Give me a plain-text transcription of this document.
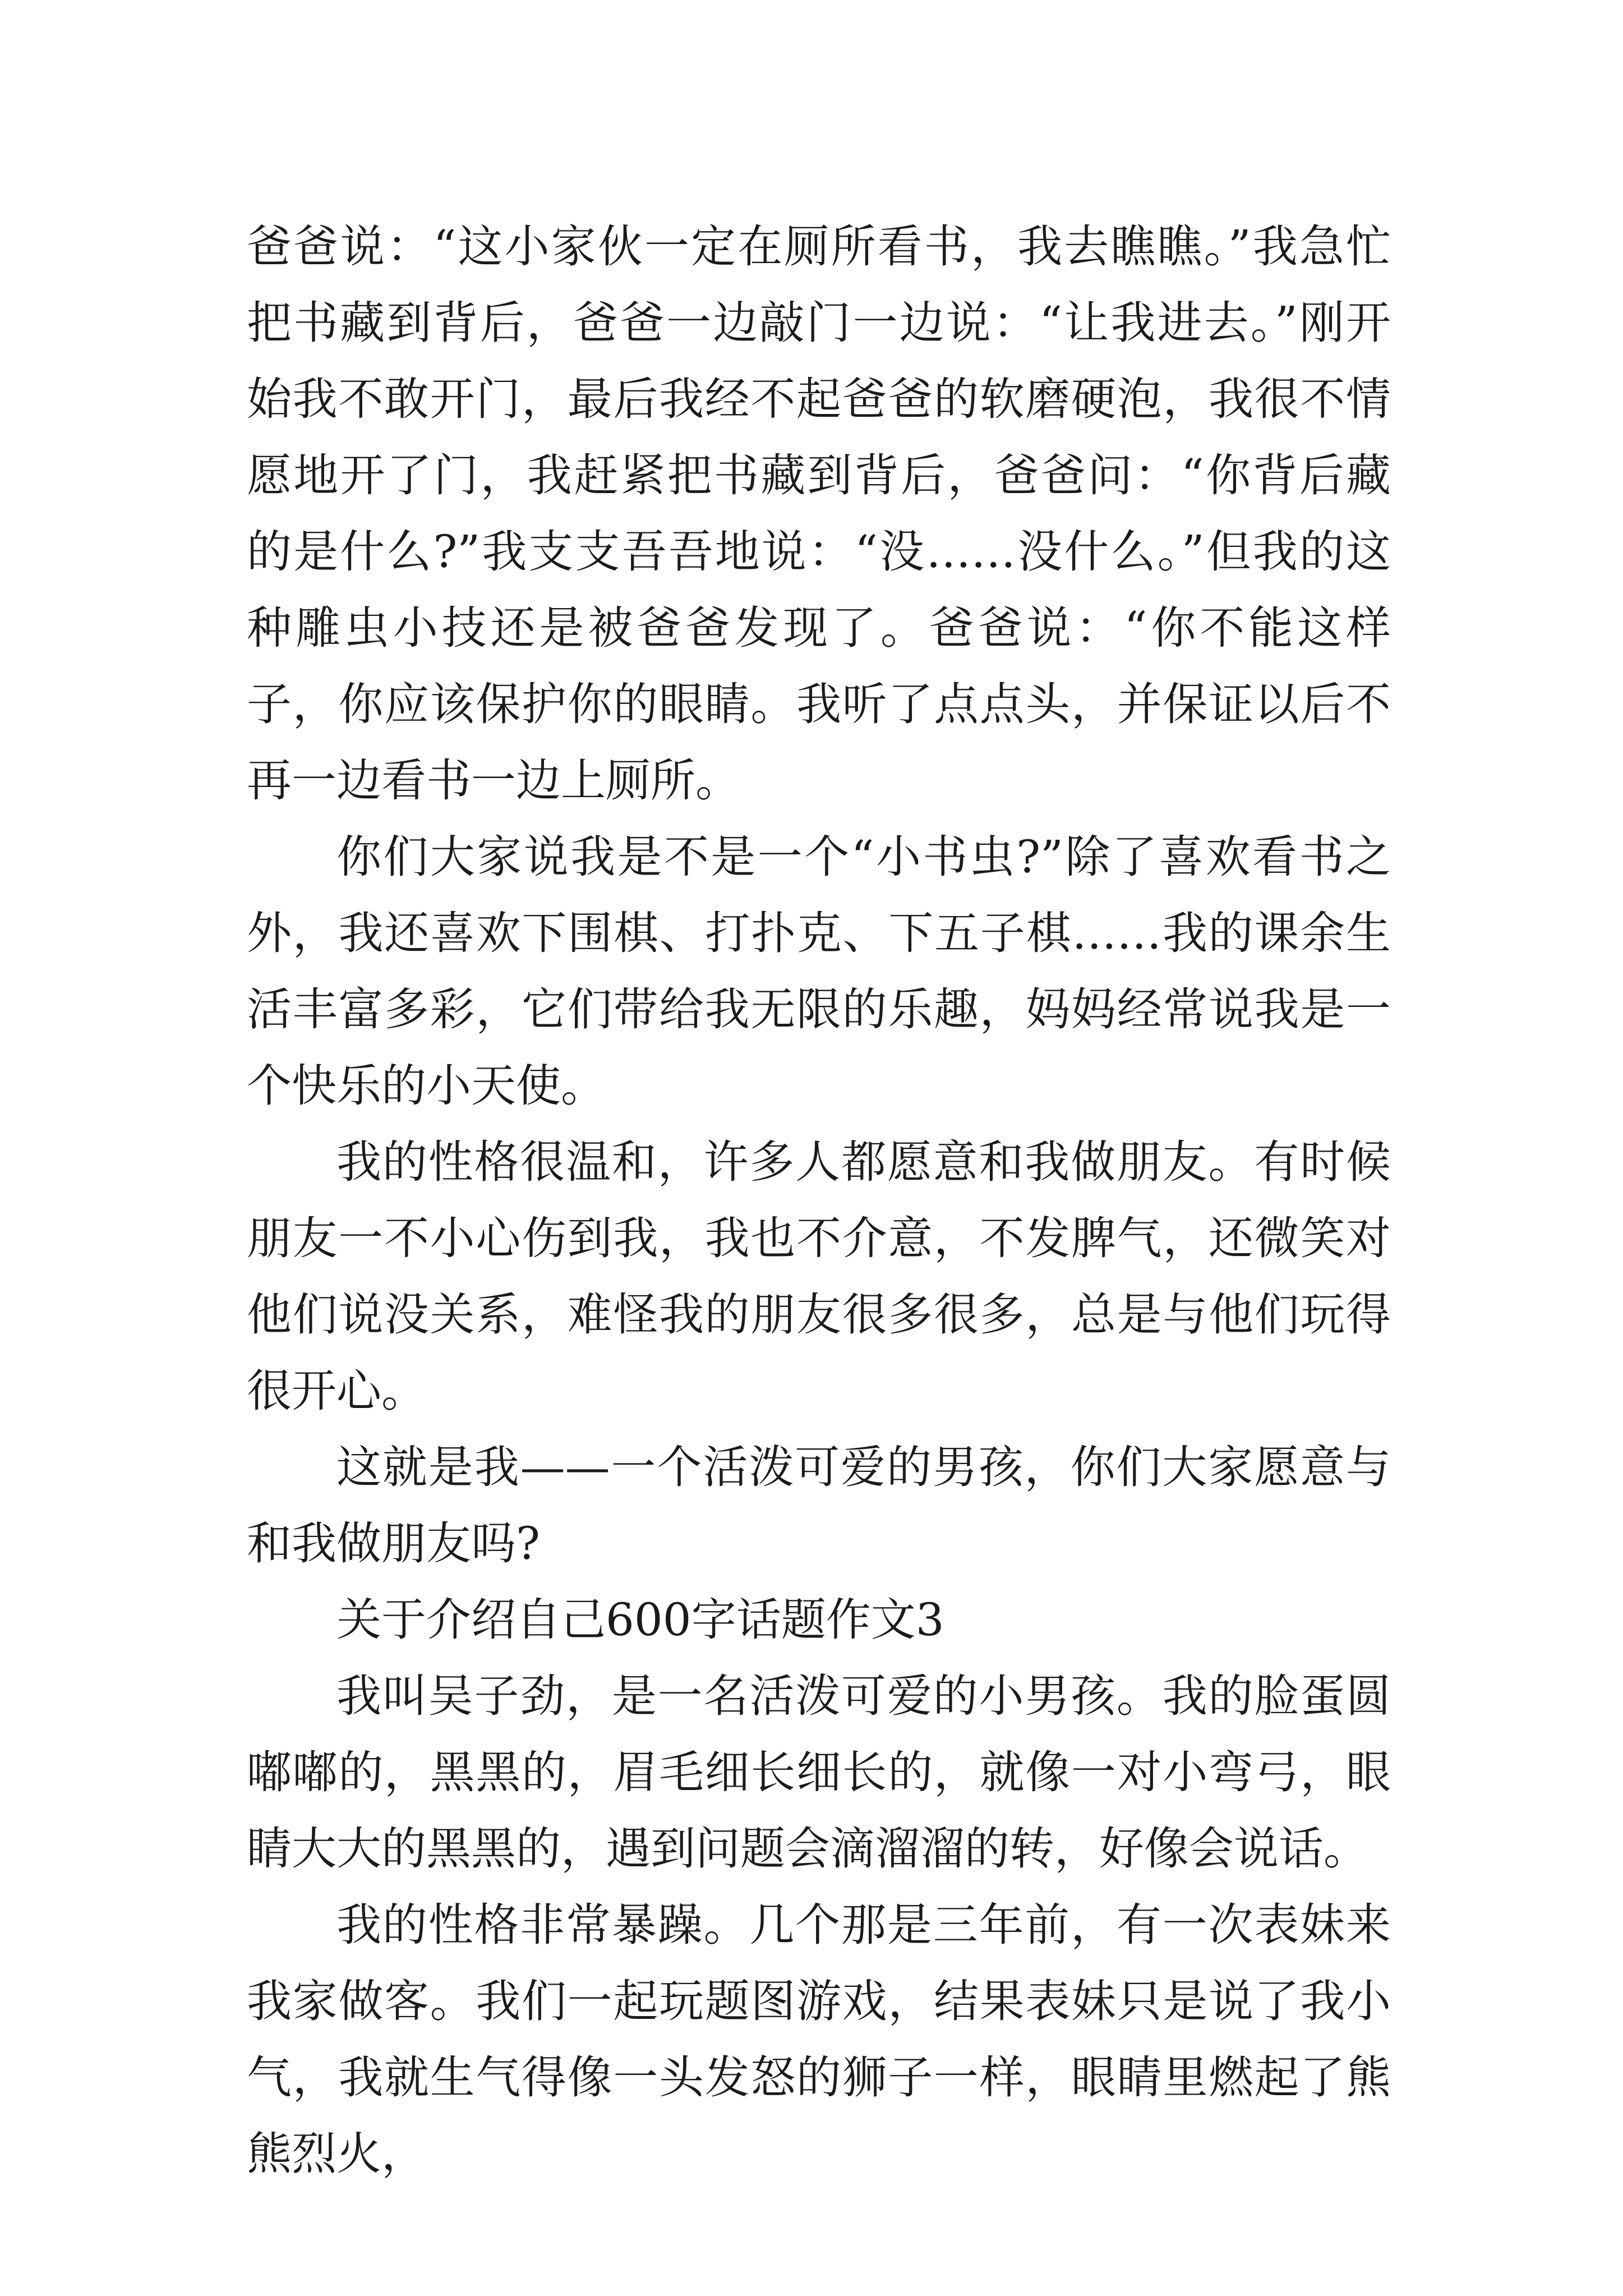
爸爸说：“这小家伙一定在厕所看书，我去瞧瞧。”我急忙把书藏到背后，爸爸一边敲门一边说：“让我进去。”刚开始我不敢开门，最后我经不起爸爸的软磨硬泡，我很不情愿地开了门，我赶紧把书藏到背后，爸爸问：“你背后藏的是什么?”我支支吾吾地说：“没……没什么。”但我的这种雕虫小技还是被爸爸发现了。爸爸说：“你不能这样子，你应该保护你的眼睛。我听了点点头，并保证以后不再一边看书一边上厕所。

你们大家说我是不是一个“小书虫?”除了喜欢看书之外，我还喜欢下围棋、打扑克、下五子棋……我的课余生活丰富多彩，它们带给我无限的乐趣，妈妈经常说我是一个快乐的小天使。

我的性格很温和，许多人都愿意和我做朋友。有时候朋友一不小心伤到我，我也不介意，不发脾气，还微笑对他们说没关系，难怪我的朋友很多很多，总是与他们玩得很开心。

这就是我——一个活泼可爱的男孩，你们大家愿意与和我做朋友吗?

关于介绍自己600字话题作文3

我叫吴子劲，是一名活泼可爱的小男孩。我的脸蛋圆嘟嘟的，黑黑的，眉毛细长细长的，就像一对小弯弓，眼睛大大的黑黑的，遇到问题会滴溜溜的转，好像会说话。

我的性格非常暴躁。几个那是三年前，有一次表妹来我家做客。我们一起玩题图游戏，结果表妹只是说了我小气，我就生气得像一头发怒的狮子一样，眼睛里燃起了熊熊烈火，
